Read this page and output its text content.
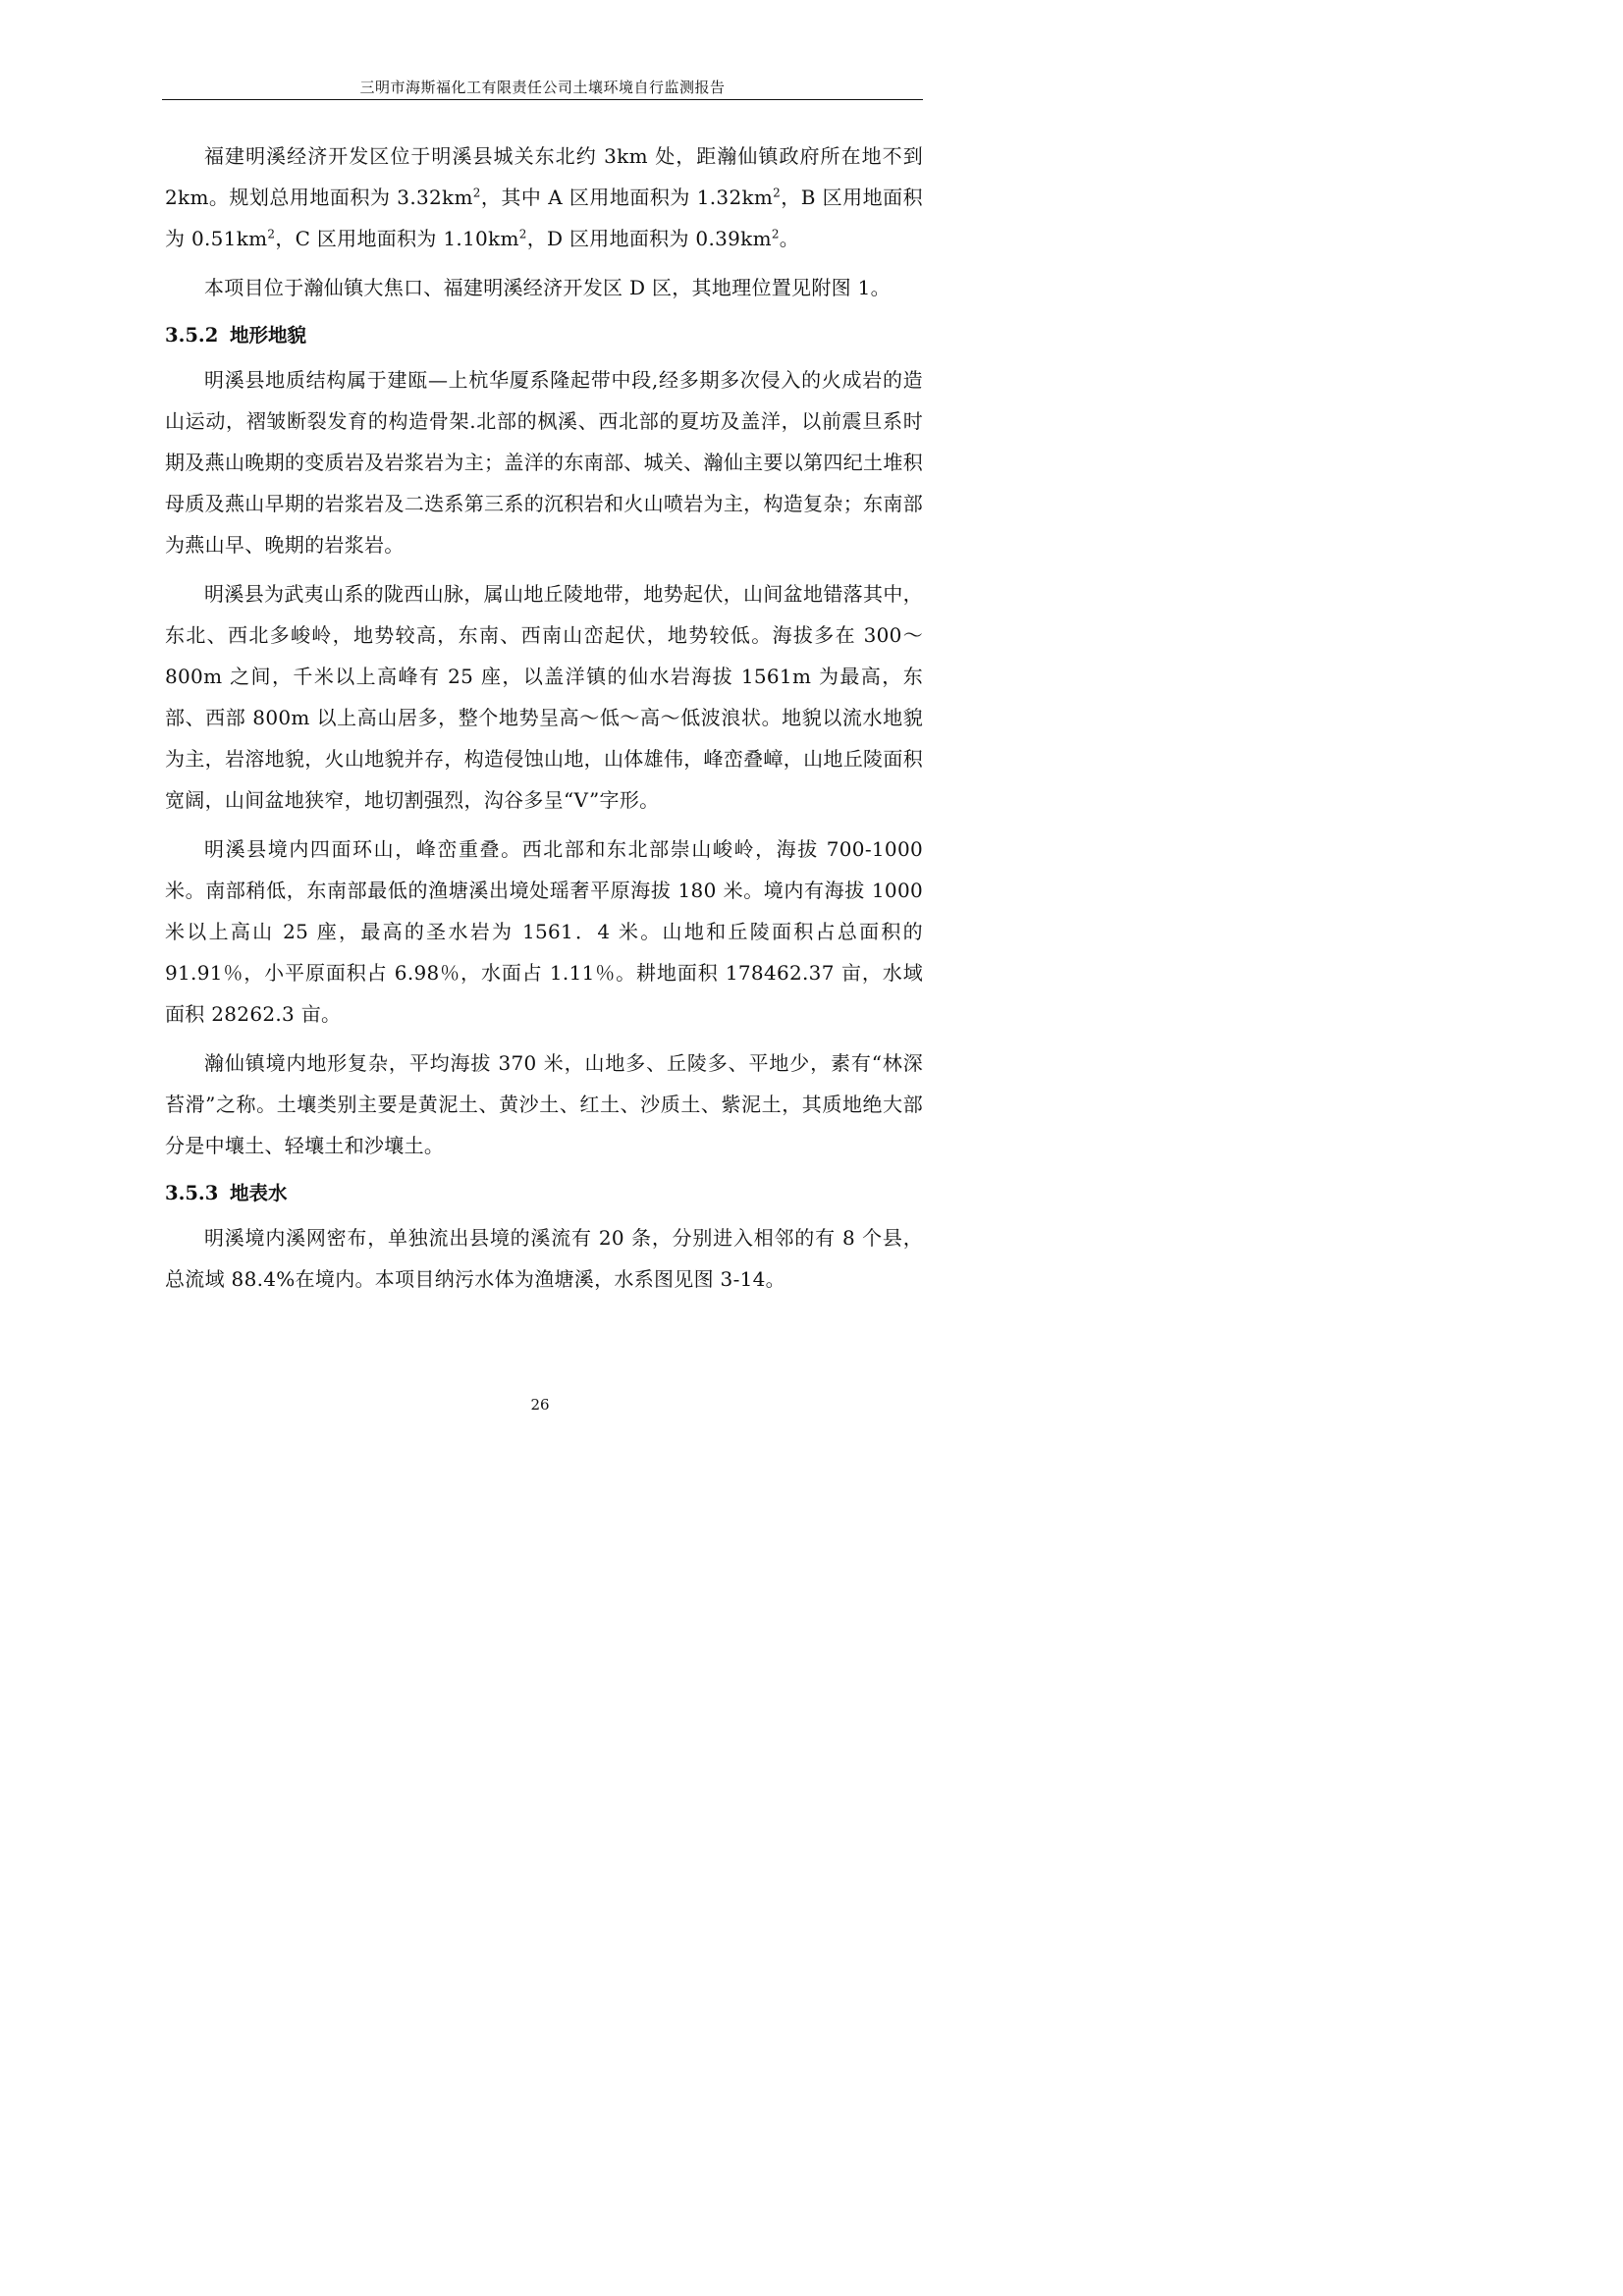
三明市海斯福化工有限责任公司土壤环境自行监测报告

福建明溪经济开发区位于明溪县城关东北约 3km 处，距瀚仙镇政府所在地不到 2km。规划总用地面积为 $3.32km^2$，其中 A 区用地面积为 $1.32km^2$，B 区用地面积为 $0.51km^2$，C 区用地面积为 $1.10km^2$，D 区用地面积为 $0.39km^2$。

本项目位于瀚仙镇大焦口、福建明溪经济开发区 D 区，其地理位置见附图 1。

3.5.2 地形地貌

明溪县地质结构属于建瓯—上杭华厦系隆起带中段,经多期多次侵入的火成岩的造山运动，褶皱断裂发育的构造骨架.北部的枫溪、西北部的夏坊及盖洋，以前震旦系时期及燕山晚期的变质岩及岩浆岩为主；盖洋的东南部、城关、瀚仙主要以第四纪土堆积母质及燕山早期的岩浆岩及二迭系第三系的沉积岩和火山喷岩为主，构造复杂；东南部为燕山早、晚期的岩浆岩。

明溪县为武夷山系的陇西山脉，属山地丘陵地带，地势起伏，山间盆地错落其中，东北、西北多峻岭，地势较高，东南、西南山峦起伏，地势较低。海拔多在 300～800m 之间，千米以上高峰有 25 座，以盖洋镇的仙水岩海拔 1561m 为最高，东部、西部 800m 以上高山居多，整个地势呈高～低～高～低波浪状。地貌以流水地貌为主，岩溶地貌，火山地貌并存，构造侵蚀山地，山体雄伟，峰峦叠嶂，山地丘陵面积宽阔，山间盆地狭窄，地切割强烈，沟谷多呈“V”字形。

明溪县境内四面环山，峰峦重叠。西北部和东北部崇山峻岭，海拔 700-1000 米。南部稍低，东南部最低的渔塘溪出境处瑶奢平原海拔 180 米。境内有海拔 1000 米以上高山 25 座，最高的圣水岩为 1561．4 米。山地和丘陵面积占总面积的 91.91％，小平原面积占 6.98％，水面占 1.11％。耕地面积 178462.37 亩，水域面积 28262.3 亩。

瀚仙镇境内地形复杂，平均海拔 370 米，山地多、丘陵多、平地少，素有“林深苔滑”之称。土壤类别主要是黄泥土、黄沙土、红土、沙质土、紫泥土，其质地绝大部分是中壤土、轻壤土和沙壤土。

3.5.3 地表水

明溪境内溪网密布，单独流出县境的溪流有 20 条，分别进入相邻的有 8 个县，总流域 88.4%在境内。本项目纳污水体为渔塘溪，水系图见图 3-14。

26
